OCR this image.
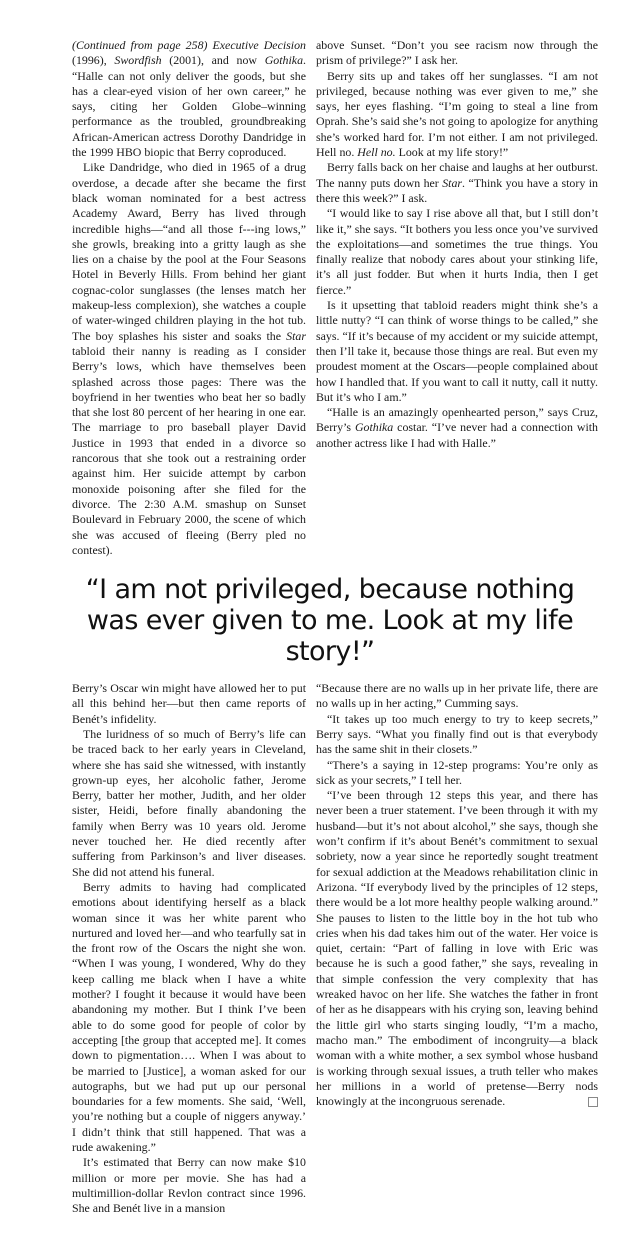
(Continued from page 258) Executive Decision (1996), Swordfish (2001), and now Gothika. “Halle can not only deliver the goods, but she has a clear-eyed vision of her own career,” he says, citing her Golden Globe–winning performance as the troubled, groundbreaking African-American actress Dorothy Dandridge in the 1999 HBO biopic that Berry coproduced.

Like Dandridge, who died in 1965 of a drug overdose, a decade after she became the first black woman nominated for a best actress Academy Award, Berry has lived through incredible highs—“and all those f---ing lows,” she growls, breaking into a gritty laugh as she lies on a chaise by the pool at the Four Seasons Hotel in Beverly Hills. From behind her giant cognac-color sunglasses (the lenses match her makeup-less complexion), she watches a couple of water-winged children playing in the hot tub. The boy splashes his sister and soaks the Star tabloid their nanny is reading as I consider Berry’s lows, which have themselves been splashed across those pages: There was the boyfriend in her twenties who beat her so badly that she lost 80 percent of her hearing in one ear. The marriage to pro baseball player David Justice in 1993 that ended in a divorce so rancorous that she took out a restraining order against him. Her suicide attempt by carbon monoxide poisoning after she filed for the divorce. The 2:30 A.M. smashup on Sunset Boulevard in February 2000, the scene of which she was accused of fleeing (Berry pled no contest).

above Sunset. “Don’t you see racism now through the prism of privilege?” I ask her.

Berry sits up and takes off her sunglasses. “I am not privileged, because nothing was ever given to me,” she says, her eyes flashing. “I’m going to steal a line from Oprah. She’s said she’s not going to apologize for anything she’s worked hard for. I’m not either. I am not privileged. Hell no. Hell no. Look at my life story!”

Berry falls back on her chaise and laughs at her outburst. The nanny puts down her Star. “Think you have a story in there this week?” I ask.

“I would like to say I rise above all that, but I still don’t like it,” she says. “It bothers you less once you’ve survived the exploitations—and sometimes the true things. You finally realize that nobody cares about your stinking life, it’s all just fodder. But when it hurts India, then I get fierce.”

Is it upsetting that tabloid readers might think she’s a little nutty? “I can think of worse things to be called,” she says. “If it’s because of my accident or my suicide attempt, then I’ll take it, because those things are real. But even my proudest moment at the Oscars—people complained about how I handled that. If you want to call it nutty, call it nutty. But it’s who I am.”

“Halle is an amazingly openhearted person,” says Cruz, Berry’s Gothika costar. “I’ve never had a connection with another actress like I had with Halle.”

“I am not privileged, because nothing was ever given to me. Look at my life story!”

Berry’s Oscar win might have allowed her to put all this behind her—but then came reports of Benét’s infidelity.

The luridness of so much of Berry’s life can be traced back to her early years in Cleveland, where she has said she witnessed, with instantly grown-up eyes, her alcoholic father, Jerome Berry, batter her mother, Judith, and her older sister, Heidi, before finally abandoning the family when Berry was 10 years old. Jerome never touched her. He died recently after suffering from Parkinson’s and liver diseases. She did not attend his funeral.

Berry admits to having had complicated emotions about identifying herself as a black woman since it was her white parent who nurtured and loved her—and who tearfully sat in the front row of the Oscars the night she won. “When I was young, I wondered, Why do they keep calling me black when I have a white mother? I fought it because it would have been abandoning my mother. But I think I’ve been able to do some good for people of color by accepting [the group that accepted me]. It comes down to pigmentation…. When I was about to be married to [Justice], a woman asked for our autographs, but we had put up our personal boundaries for a few moments. She said, ‘Well, you’re nothing but a couple of niggers anyway.’ I didn’t think that still happened. That was a rude awakening.”

It’s estimated that Berry can now make $10 million or more per movie. She has had a multimillion-dollar Revlon contract since 1996. She and Benét live in a mansion

“Because there are no walls up in her private life, there are no walls up in her acting,” Cumming says.

“It takes up too much energy to try to keep secrets,” Berry says. “What you finally find out is that everybody has the same shit in their closets.”

“There’s a saying in 12-step programs: You’re only as sick as your secrets,” I tell her.

“I’ve been through 12 steps this year, and there has never been a truer statement. I’ve been through it with my husband—but it’s not about alcohol,” she says, though she won’t confirm if it’s about Benét’s commitment to sexual sobriety, now a year since he reportedly sought treatment for sexual addiction at the Meadows rehabilitation clinic in Arizona. “If everybody lived by the principles of 12 steps, there would be a lot more healthy people walking around.” She pauses to listen to the little boy in the hot tub who cries when his dad takes him out of the water. Her voice is quiet, certain: “Part of falling in love with Eric was because he is such a good father,” she says, revealing in that simple confession the very complexity that has wreaked havoc on her life. She watches the father in front of her as he disappears with his crying son, leaving behind the little girl who starts singing loudly, “I’m a macho, macho man.” The embodiment of incongruity—a black woman with a white mother, a sex symbol whose husband is working through sexual issues, a truth teller who makes her millions in a world of pretense—Berry nods knowingly at the incongruous serenade.
